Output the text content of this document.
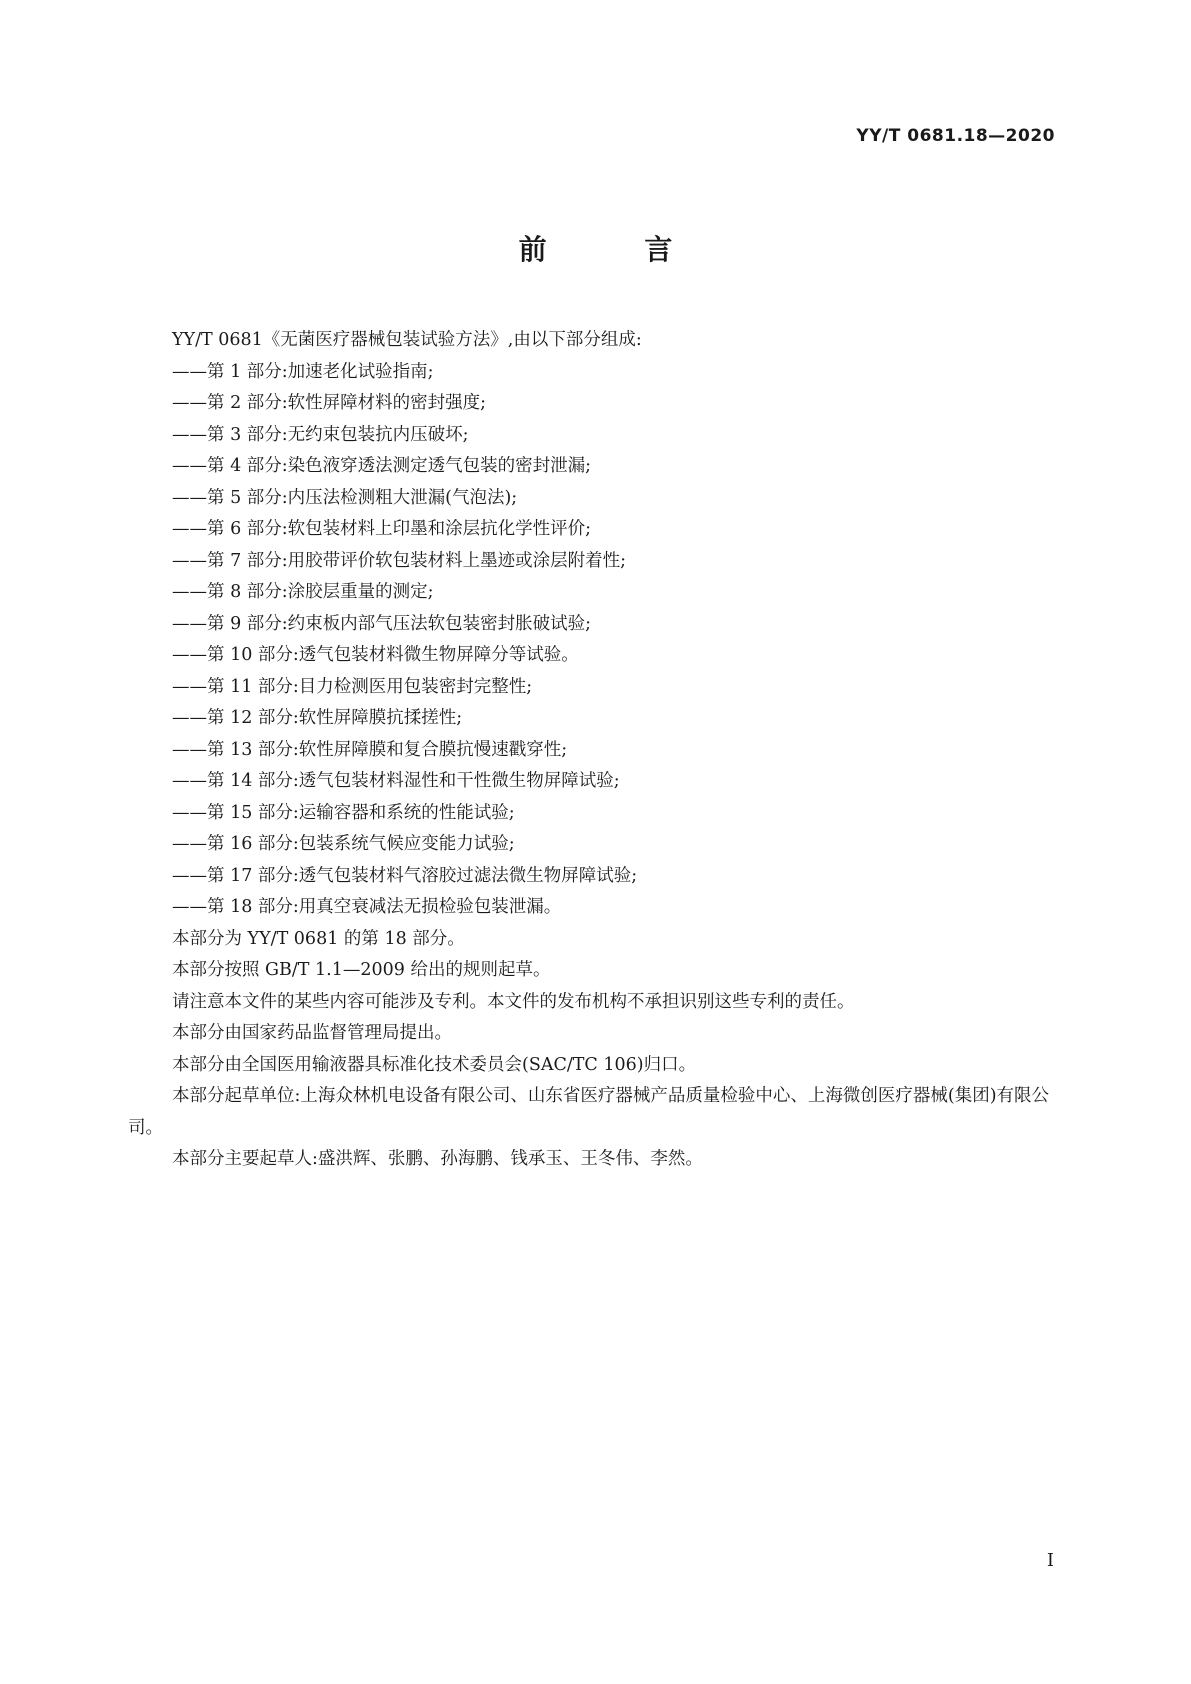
YY/T 0681.18—2020
前 言

YY/T 0681《无菌医疗器械包装试验方法》,由以下部分组成:

——第 1 部分:加速老化试验指南;

——第 2 部分:软性屏障材料的密封强度;

——第 3 部分:无约束包装抗内压破坏;

——第 4 部分:染色液穿透法测定透气包装的密封泄漏;

——第 5 部分:内压法检测粗大泄漏(气泡法);

——第 6 部分:软包装材料上印墨和涂层抗化学性评价;

——第 7 部分:用胶带评价软包装材料上墨迹或涂层附着性;

——第 8 部分:涂胶层重量的测定;

——第 9 部分:约束板内部气压法软包装密封胀破试验;

——第 10 部分:透气包装材料微生物屏障分等试验。

——第 11 部分:目力检测医用包装密封完整性;

——第 12 部分:软性屏障膜抗揉搓性;

——第 13 部分:软性屏障膜和复合膜抗慢速戳穿性;

——第 14 部分:透气包装材料湿性和干性微生物屏障试验;

——第 15 部分:运输容器和系统的性能试验;

——第 16 部分:包装系统气候应变能力试验;

——第 17 部分:透气包装材料气溶胶过滤法微生物屏障试验;

——第 18 部分:用真空衰减法无损检验包装泄漏。

本部分为 YY/T 0681 的第 18 部分。

本部分按照 GB/T 1.1—2009 给出的规则起草。

请注意本文件的某些内容可能涉及专利。本文件的发布机构不承担识别这些专利的责任。

本部分由国家药品监督管理局提出。

本部分由全国医用输液器具标准化技术委员会(SAC/TC 106)归口。

本部分起草单位:上海众林机电设备有限公司、山东省医疗器械产品质量检验中心、上海微创医疗器械(集团)有限公司。

本部分主要起草人:盛洪辉、张鹏、孙海鹏、钱承玉、王冬伟、李然。

I
